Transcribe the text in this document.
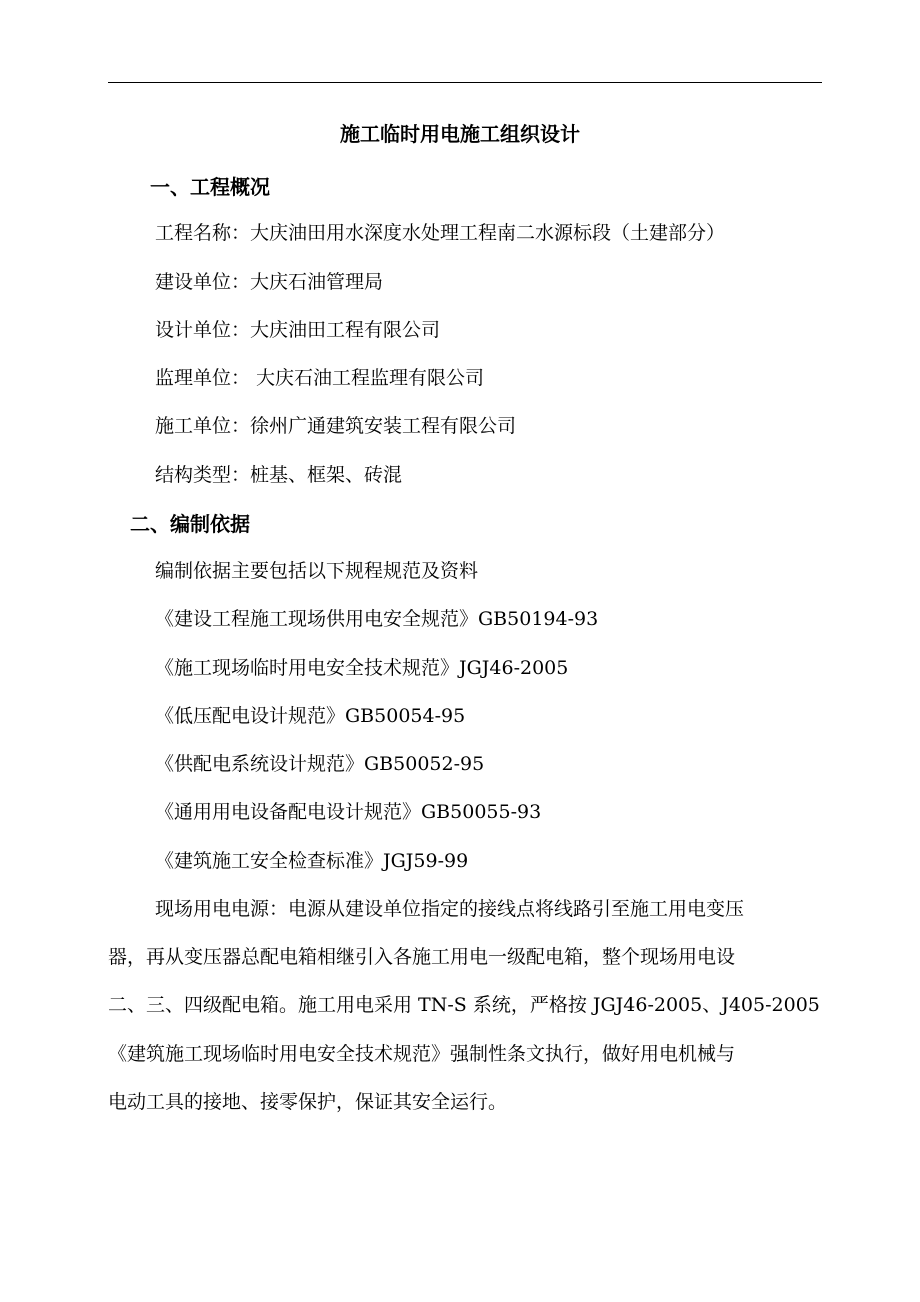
施工临时用电施工组织设计
一、工程概况
工程名称：大庆油田用水深度水处理工程南二水源标段（土建部分）
建设单位：大庆石油管理局
设计单位：大庆油田工程有限公司
监理单位： 大庆石油工程监理有限公司
施工单位：徐州广通建筑安装工程有限公司
结构类型：桩基、框架、砖混
二、编制依据
编制依据主要包括以下规程规范及资料
《建设工程施工现场供用电安全规范》GB50194-93
《施工现场临时用电安全技术规范》JGJ46-2005
《低压配电设计规范》GB50054-95
《供配电系统设计规范》GB50052-95
《通用用电设备配电设计规范》GB50055-93
《建筑施工安全检查标准》JGJ59-99
现场用电电源：电源从建设单位指定的接线点将线路引至施工用电变压
器，再从变压器总配电箱相继引入各施工用电一级配电箱，整个现场用电设
二、三、四级配电箱。施工用电采用 TN-S 系统，严格按 JGJ46-2005、J405-2005
《建筑施工现场临时用电安全技术规范》强制性条文执行，做好用电机械与
电动工具的接地、接零保护，保证其安全运行。
